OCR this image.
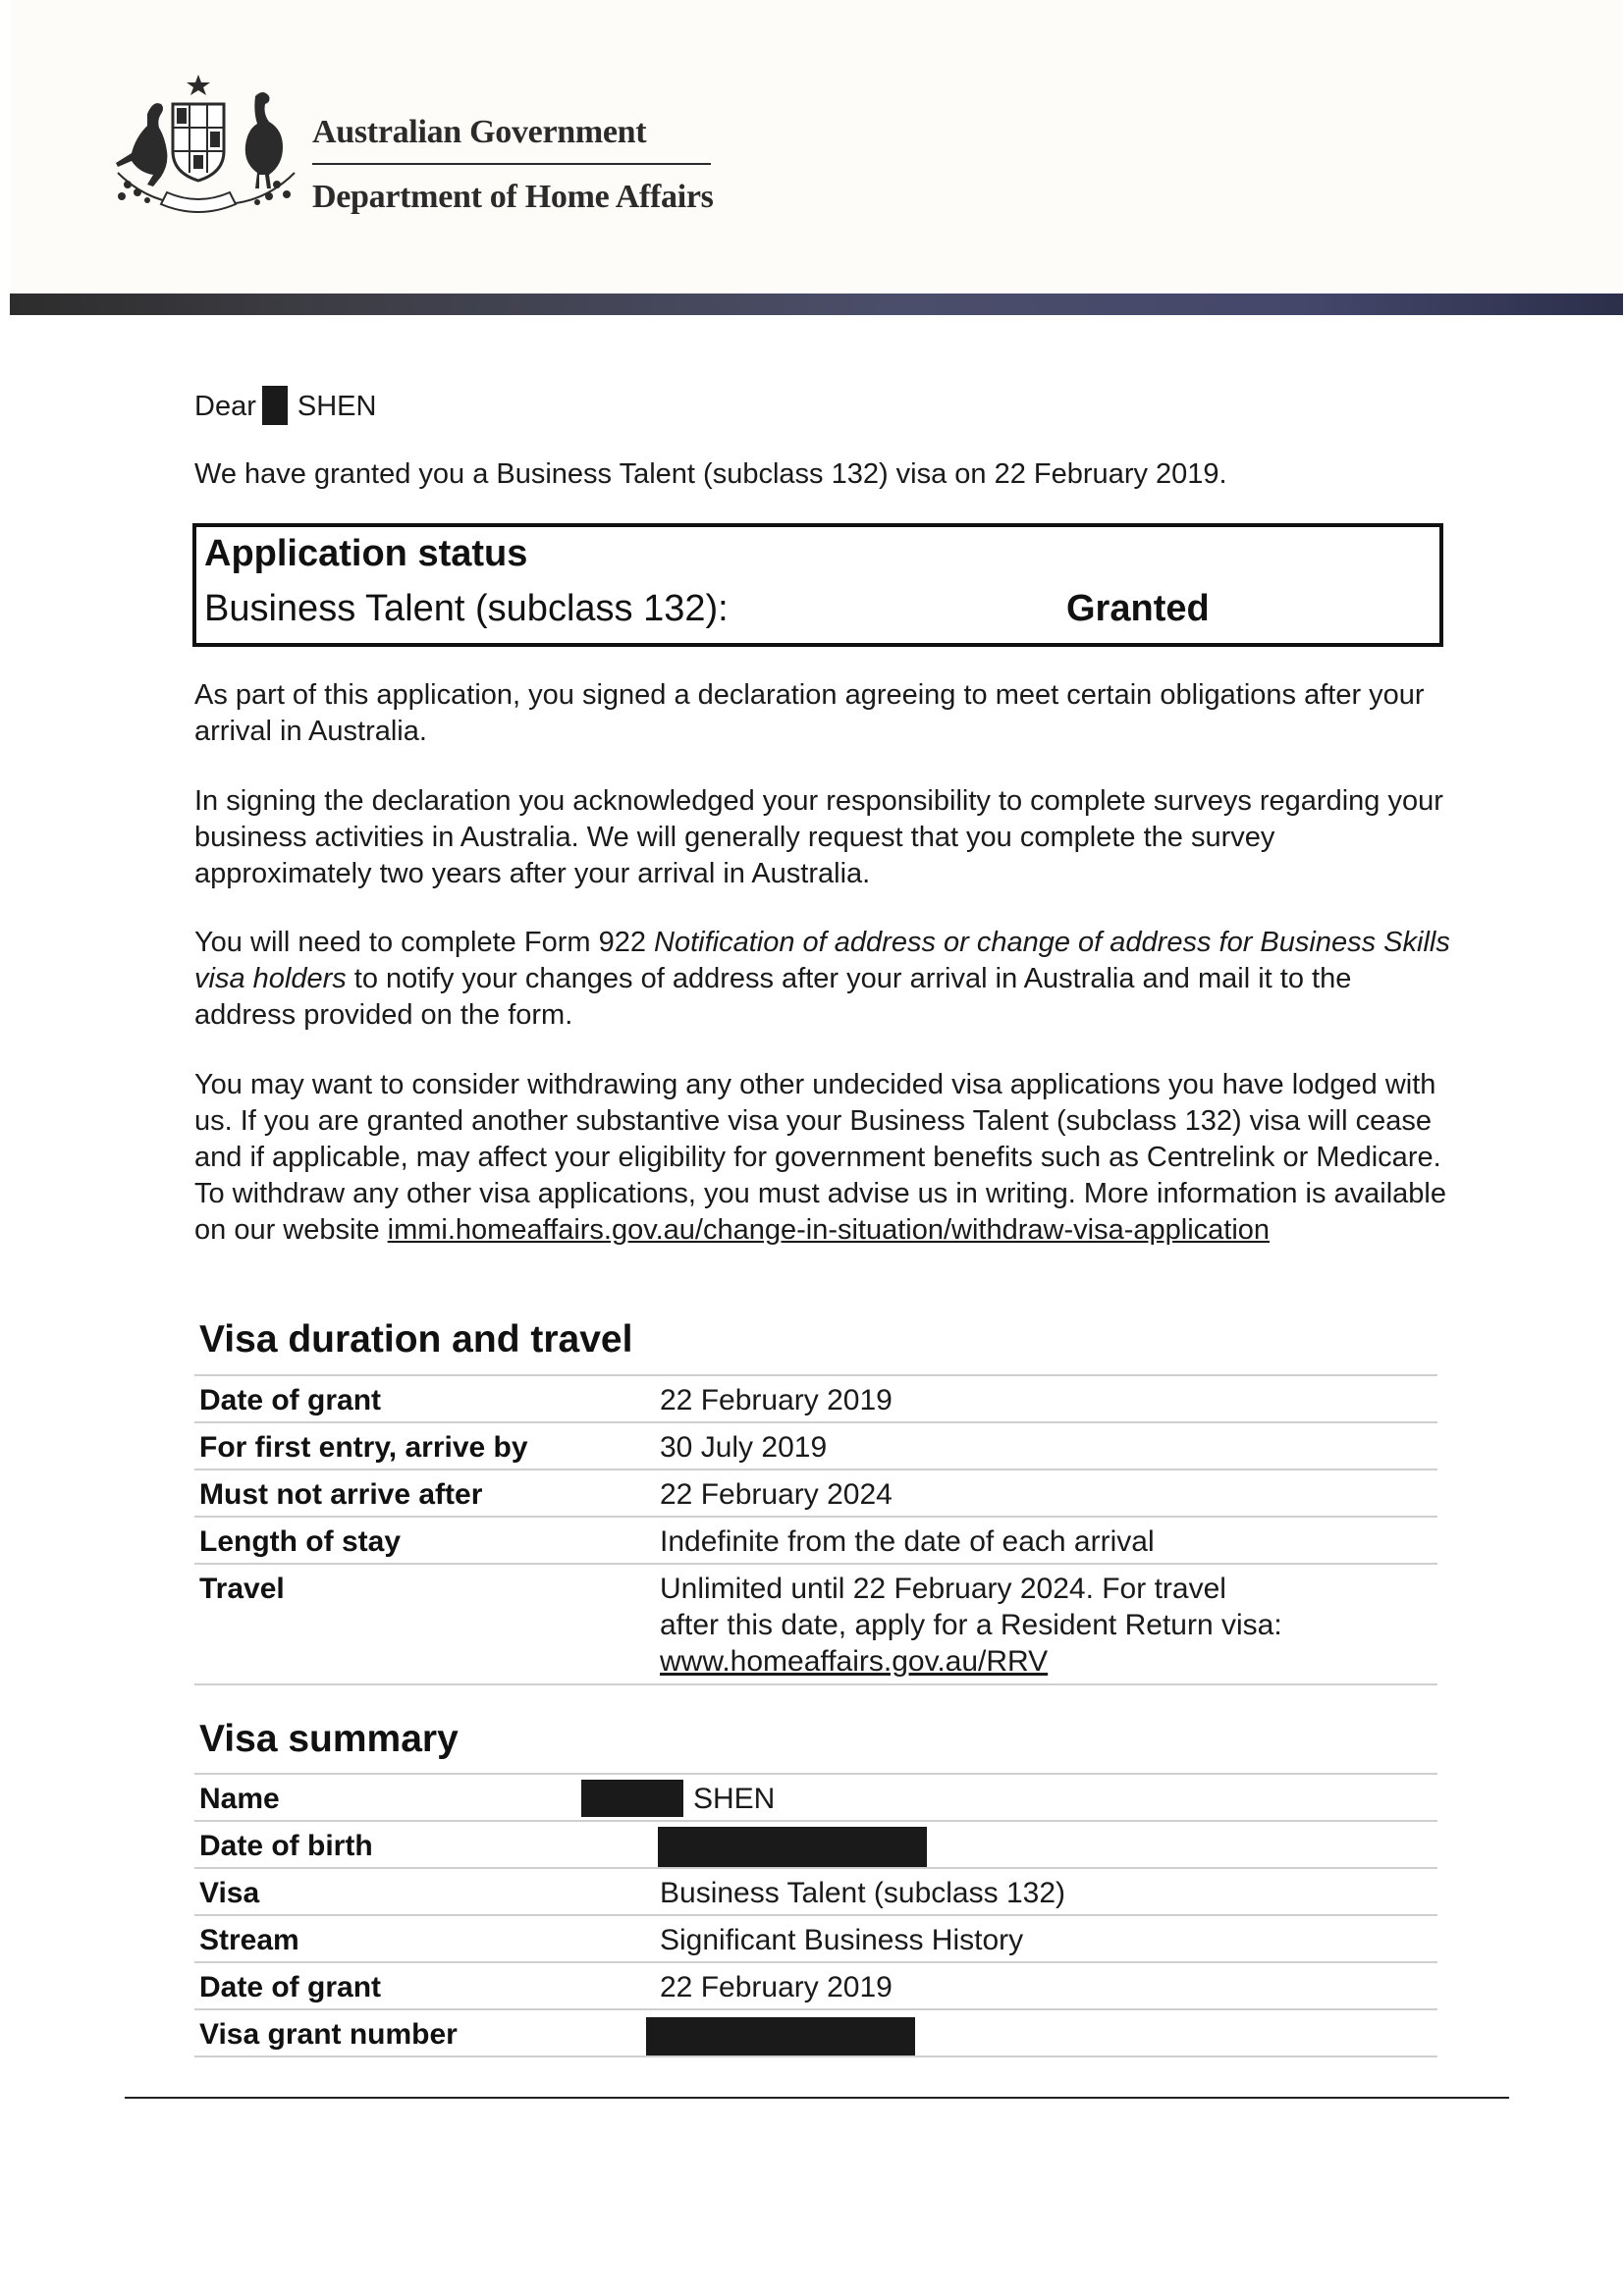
Australian Government
Department of Home Affairs
Dear SHEN
We have granted you a Business Talent (subclass 132) visa on 22 February 2019.
Application status
Business Talent (subclass 132):	Granted
As part of this application, you signed a declaration agreeing to meet certain obligations after your arrival in Australia.
In signing the declaration you acknowledged your responsibility to complete surveys regarding your business activities in Australia. We will generally request that you complete the survey approximately two years after your arrival in Australia.
You will need to complete Form 922 Notification of address or change of address for Business Skills visa holders to notify your changes of address after your arrival in Australia and mail it to the address provided on the form.
You may want to consider withdrawing any other undecided visa applications you have lodged with us. If you are granted another substantive visa your Business Talent (subclass 132) visa will cease and if applicable, may affect your eligibility for government benefits such as Centrelink or Medicare. To withdraw any other visa applications, you must advise us in writing. More information is available on our website immi.homeaffairs.gov.au/change-in-situation/withdraw-visa-application
Visa duration and travel
Date of grant	22 February 2019
For first entry, arrive by	30 July 2019
Must not arrive after	22 February 2024
Length of stay	Indefinite from the date of each arrival
Travel	Unlimited until 22 February 2024. For travel
after this date, apply for a Resident Return visa:
www.homeaffairs.gov.au/RRV
Visa summary
Name	SHEN
Date of birth
Visa	Business Talent (subclass 132)
Stream	Significant Business History
Date of grant	22 February 2019
Visa grant number
